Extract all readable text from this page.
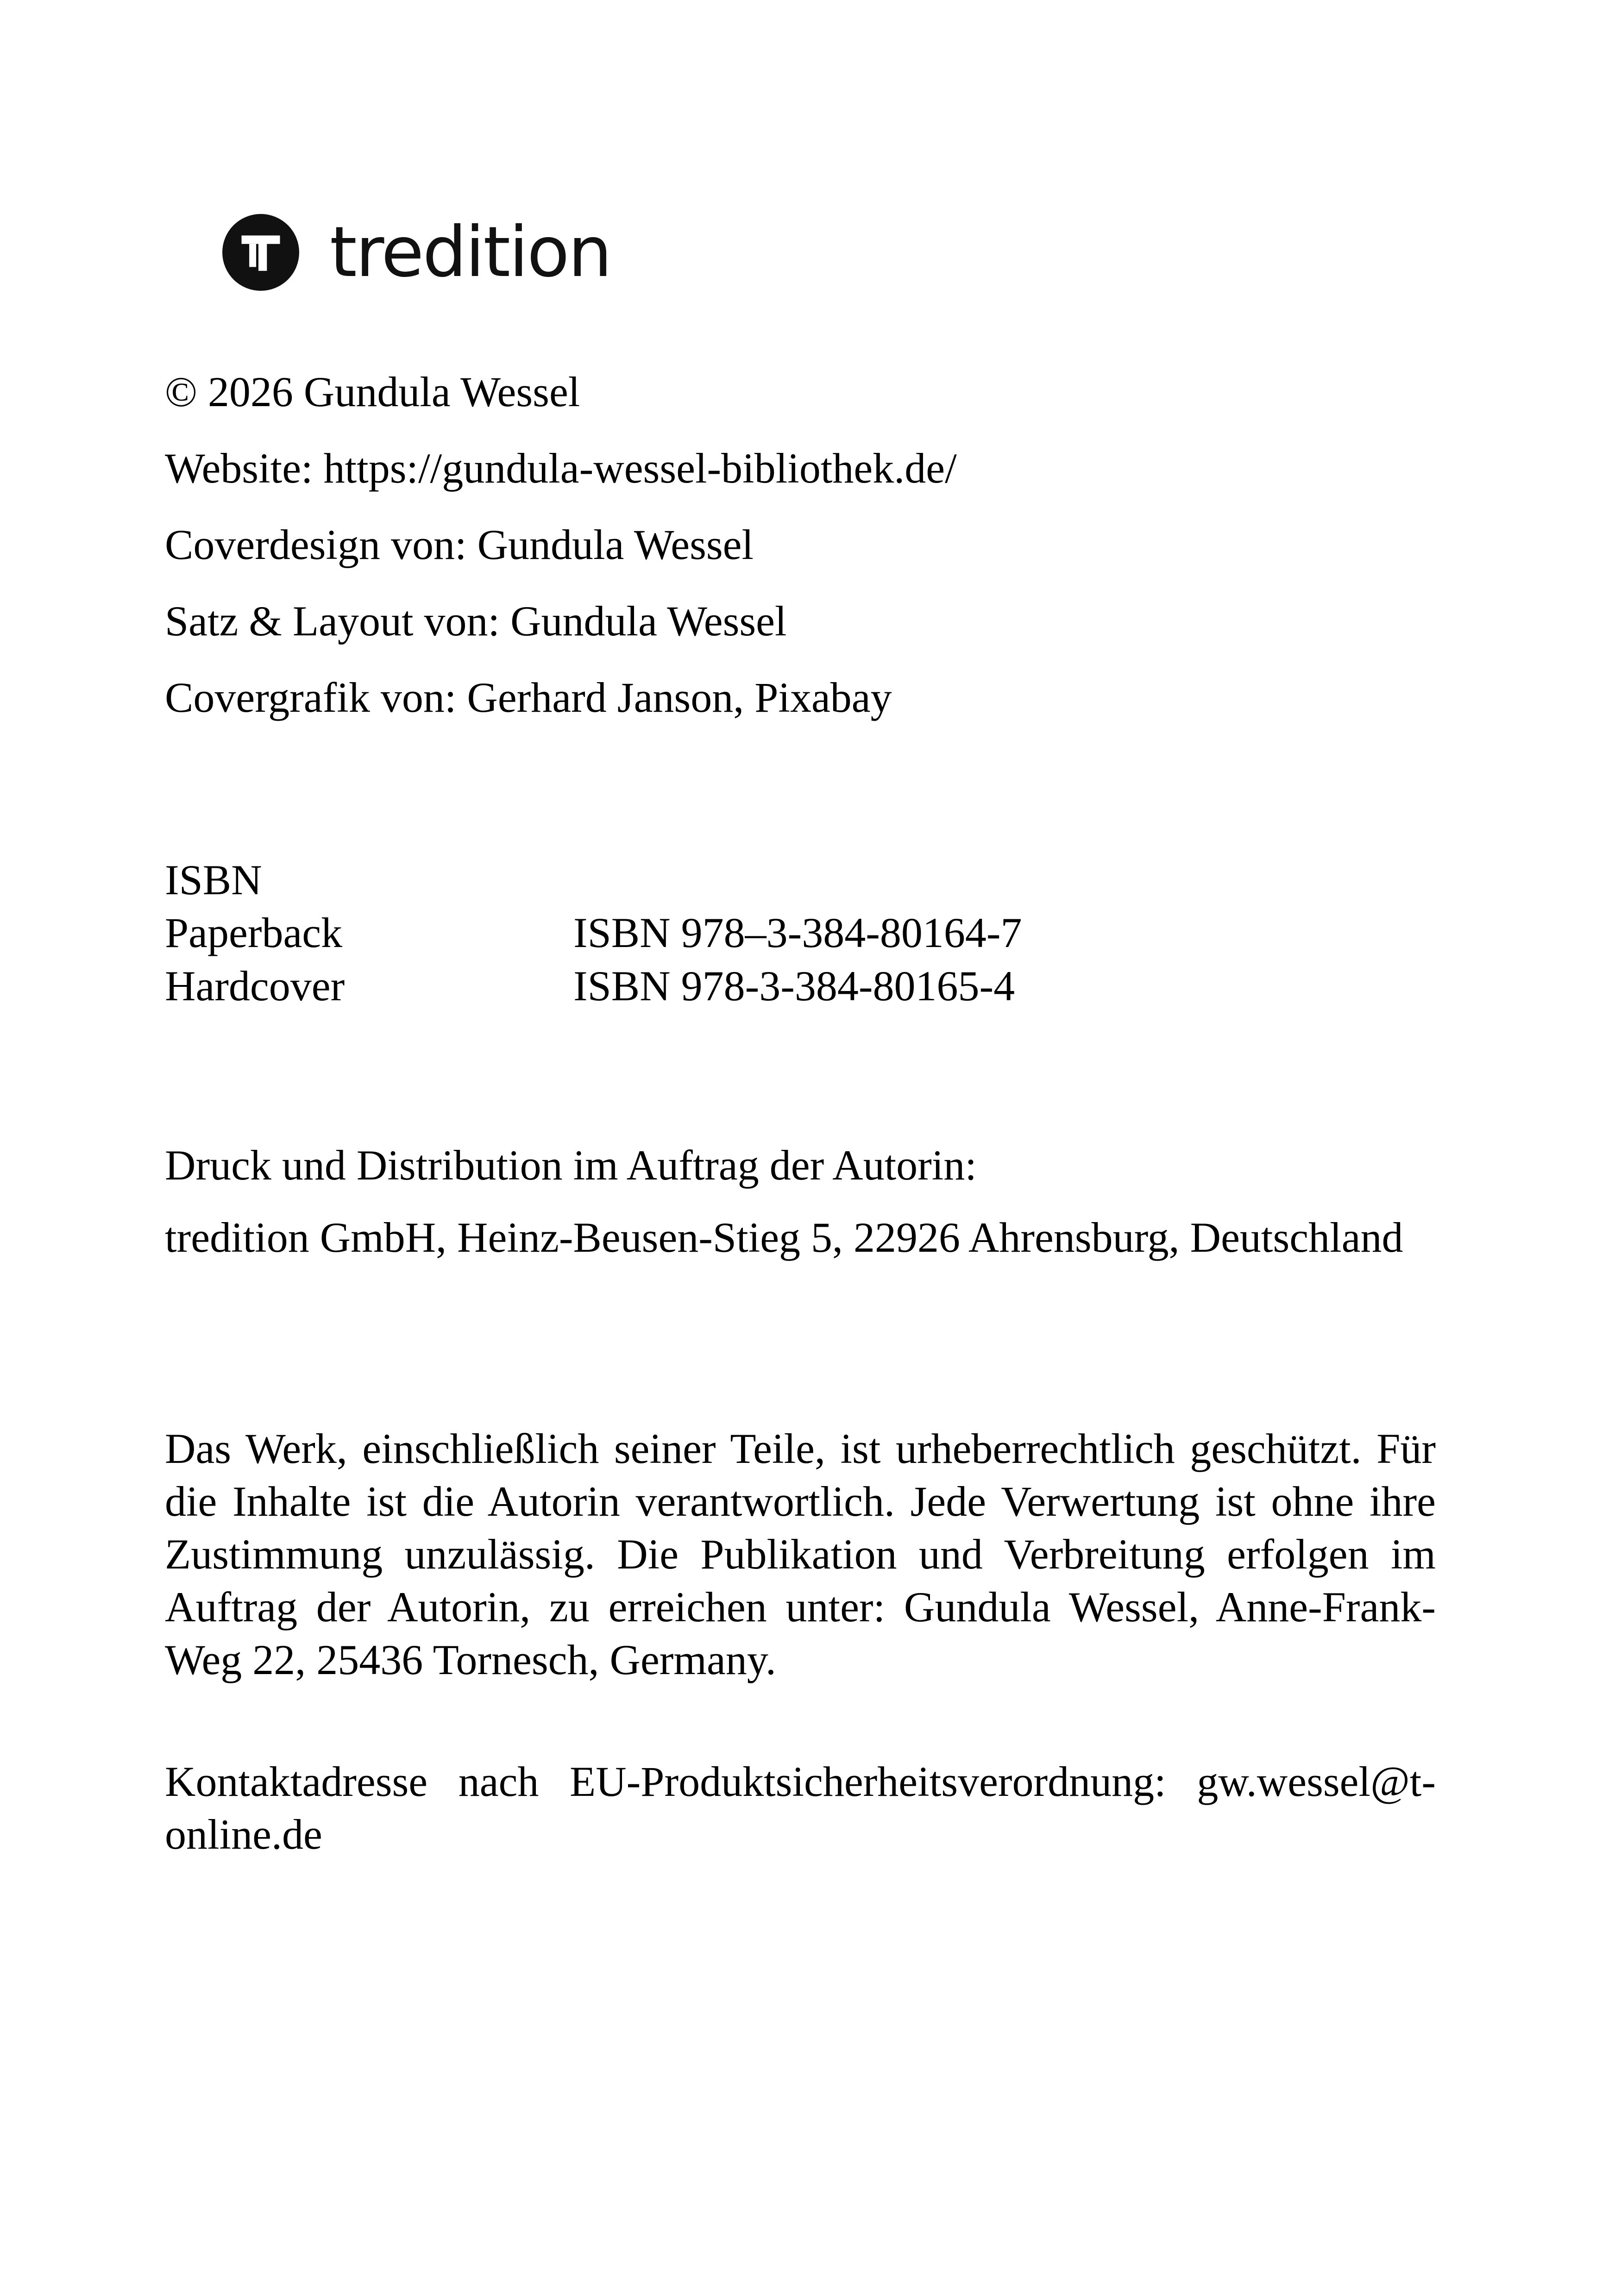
tredition
© 2026 Gundula Wessel
Website: https://gundula-wessel-bibliothek.de/
Coverdesign von: Gundula Wessel
Satz & Layout von: Gundula Wessel
Covergrafik von: Gerhard Janson, Pixabay
ISBN
Paperback	ISBN 978–3-384-80164-7
Hardcover	ISBN 978-3-384-80165-4
Druck und Distribution im Auftrag der Autorin:
tredition GmbH, Heinz-Beusen-Stieg 5, 22926 Ahrensburg, Deutschland
Das Werk, einschließlich seiner Teile, ist urheberrechtlich geschützt. Für die Inhalte ist die Autorin verantwortlich. Jede Verwertung ist ohne ihre Zustimmung unzulässig. Die Publikation und Verbreitung erfolgen im Auftrag der Autorin, zu erreichen unter: Gundula Wessel, Anne-Frank-Weg 22, 25436 Tornesch, Germany.
Kontaktadresse nach EU-Produktsicherheitsverordnung: gw.wessel@t-online.de
